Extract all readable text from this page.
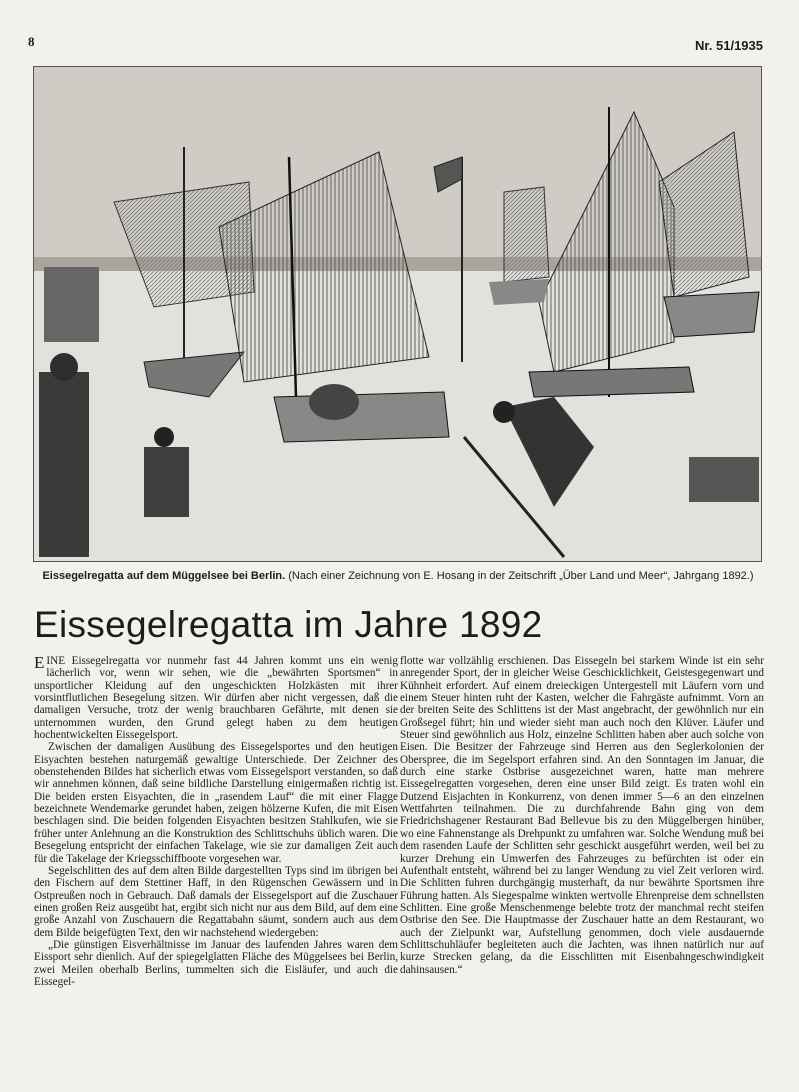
8	Nr. 51/1935
Eissegelregatta auf dem Müggelsee bei Berlin. (Nach einer Zeichnung von E. Hosang in der Zeitschrift „Über Land und Meer“, Jahrgang 1892.)
Eissegelregatta im Jahre 1892

EINE Eissegelregatta vor nunmehr fast 44 Jahren kommt uns ein wenig lächerlich vor, wenn wir sehen, wie die „bewährten Sportsmen“ in unsportlicher Kleidung auf den ungeschickten Holzkästen mit ihrer vorsintflutlichen Besegelung sitzen. Wir dürfen aber nicht vergessen, daß die damaligen Versuche, trotz der wenig brauchbaren Gefährte, mit denen sie unternommen wurden, den Grund gelegt haben zu dem heutigen hochentwickelten Eissegelsport.

Zwischen der damaligen Ausübung des Eissegelsportes und den heutigen Eisyachten bestehen naturgemäß gewaltige Unterschiede. Der Zeichner des obenstehenden Bildes hat sicherlich etwas vom Eissegelsport verstanden, so daß wir annehmen können, daß seine bildliche Darstellung einigermaßen richtig ist. Die beiden ersten Eisyachten, die in „rasendem Lauf“ die mit einer Flagge bezeichnete Wendemarke gerundet haben, zeigen hölzerne Kufen, die mit Eisen beschlagen sind. Die beiden folgenden Eisyachten besitzen Stahlkufen, wie sie früher unter Anlehnung an die Konstruktion des Schlittschuhs üblich waren. Die Besegelung entspricht der einfachen Takelage, wie sie zur damaligen Zeit auch für die Takelage der Kriegsschiffboote vorgesehen war.

Segelschlitten des auf dem alten Bilde dargestellten Typs sind im übrigen bei den Fischern auf dem Stettiner Haff, in den Rügenschen Gewässern und in Ostpreußen noch in Gebrauch. Daß damals der Eissegelsport auf die Zuschauer einen großen Reiz ausgeübt hat, ergibt sich nicht nur aus dem Bild, auf dem eine große Anzahl von Zuschauern die Regattabahn säumt, sondern auch aus dem dem Bilde beigefügten Text, den wir nachstehend wiedergeben:

„Die günstigen Eisverhältnisse im Januar des laufenden Jahres waren dem Eissport sehr dienlich. Auf der spiegelglatten Fläche des Müggelsees bei Berlin, zwei Meilen oberhalb Berlins, tummelten sich die Eisläufer, und auch die Eissegel-

flotte war vollzählig erschienen. Das Eissegeln bei starkem Winde ist ein sehr anregender Sport, der in gleicher Weise Geschicklichkeit, Geistesgegenwart und Kühnheit erfordert. Auf einem dreieckigen Untergestell mit Läufern vorn und einem Steuer hinten ruht der Kasten, welcher die Fahrgäste aufnimmt. Vorn an der breiten Seite des Schlittens ist der Mast angebracht, der gewöhnlich nur ein Großsegel führt; hin und wieder sieht man auch noch den Klüver. Läufer und Steuer sind gewöhnlich aus Holz, einzelne Schlitten haben aber auch solche von Eisen. Die Besitzer der Fahrzeuge sind Herren aus den Seglerkolonien der Oberspree, die im Segelsport erfahren sind. An den Sonntagen im Januar, die durch eine starke Ostbrise ausgezeichnet waren, hatte man mehrere Eissegelregatten vorgesehen, deren eine unser Bild zeigt. Es traten wohl ein Dutzend Eisjachten in Konkurrenz, von denen immer 5—6 an den einzelnen Wettfahrten teilnahmen. Die zu durchfahrende Bahn ging von dem Friedrichshagener Restaurant Bad Bellevue bis zu den Müggelbergen hinüber, wo eine Fahnenstange als Drehpunkt zu umfahren war. Solche Wendung muß bei dem rasenden Laufe der Schlitten sehr geschickt ausgeführt werden, weil bei zu kurzer Drehung ein Umwerfen des Fahrzeuges zu befürchten ist oder ein Aufenthalt entsteht, während bei zu langer Wendung zu viel Zeit verloren wird. Die Schlitten fuhren durchgängig musterhaft, da nur bewährte Sportsmen ihre Führung hatten. Als Siegespalme winkten wertvolle Ehrenpreise dem schnellsten Schlitten. Eine große Menschenmenge belebte trotz der manchmal recht steifen Ostbrise den See. Die Hauptmasse der Zuschauer hatte an dem Restaurant, wo auch der Zielpunkt war, Aufstellung genommen, doch viele ausdauernde Schlittschuhläufer begleiteten auch die Jachten, was ihnen natürlich nur auf kurze Strecken gelang, da die Eisschlitten mit Eisenbahngeschwindigkeit dahinsausen.“
